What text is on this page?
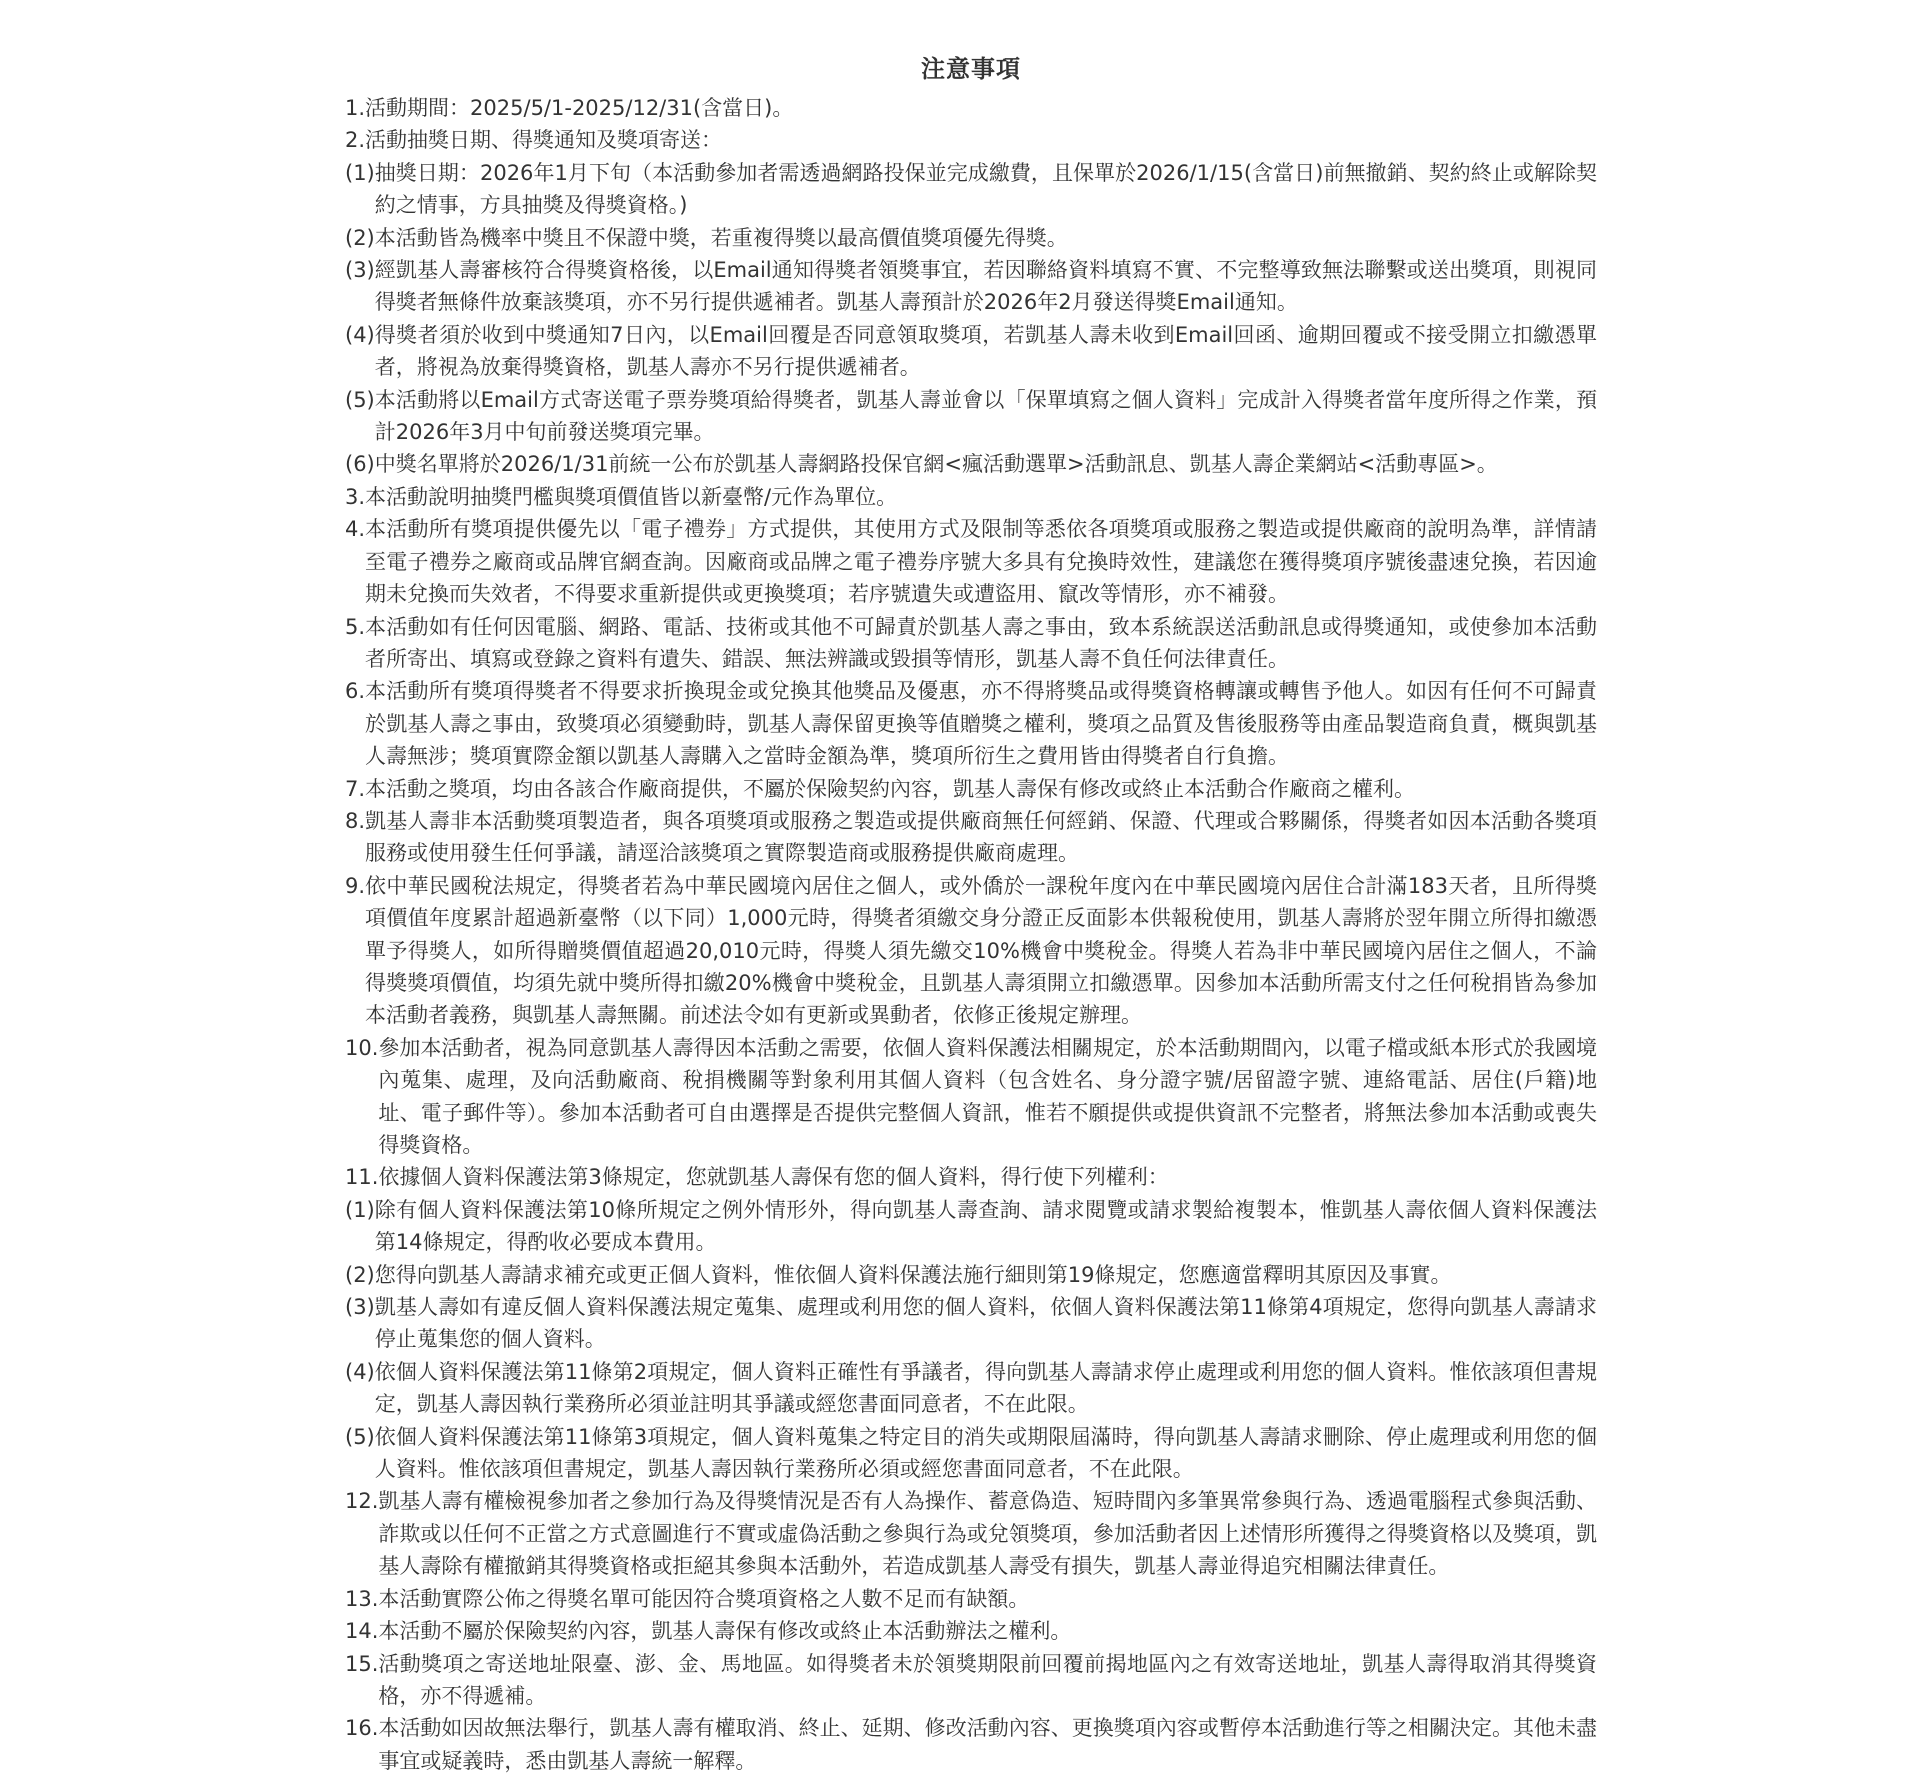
注意事項
1. 活動期間：2025/5/1-2025/12/31(含當日)。
2. 活動抽獎日期、得獎通知及獎項寄送：
(1) 抽獎日期：2026年1月下旬（本活動參加者需透過網路投保並完成繳費，且保單於2026/1/15(含當日)前無撤銷、契約終止或解除契約之情事，方具抽獎及得獎資格。)
(2) 本活動皆為機率中獎且不保證中獎，若重複得獎以最高價值獎項優先得獎。
(3) 經凱基人壽審核符合得獎資格後，以Email通知得獎者領獎事宜，若因聯絡資料填寫不實、不完整導致無法聯繫或送出獎項，則視同得獎者無條件放棄該獎項，亦不另行提供遞補者。凱基人壽預計於2026年2月發送得獎Email通知。
(4) 得獎者須於收到中獎通知7日內，以Email回覆是否同意領取獎項，若凱基人壽未收到Email回函、逾期回覆或不接受開立扣繳憑單者，將視為放棄得獎資格，凱基人壽亦不另行提供遞補者。
(5) 本活動將以Email方式寄送電子票券獎項給得獎者，凱基人壽並會以「保單填寫之個人資料」完成計入得獎者當年度所得之作業，預計2026年3月中旬前發送獎項完畢。
(6) 中獎名單將於2026/1/31前統一公布於凱基人壽網路投保官網<瘋活動選單>活動訊息、凱基人壽企業網站<活動專區>。
3. 本活動說明抽獎門檻與獎項價值皆以新臺幣/元作為單位。
4. 本活動所有獎項提供優先以「電子禮券」方式提供，其使用方式及限制等悉依各項獎項或服務之製造或提供廠商的說明為準，詳情請至電子禮券之廠商或品牌官網查詢。因廠商或品牌之電子禮券序號大多具有兌換時效性，建議您在獲得獎項序號後盡速兌換，若因逾期未兌換而失效者，不得要求重新提供或更換獎項；若序號遺失或遭盜用、竄改等情形，亦不補發。
5. 本活動如有任何因電腦、網路、電話、技術或其他不可歸責於凱基人壽之事由，致本系統誤送活動訊息或得獎通知，或使參加本活動者所寄出、填寫或登錄之資料有遺失、錯誤、無法辨識或毀損等情形，凱基人壽不負任何法律責任。
6. 本活動所有獎項得獎者不得要求折換現金或兌換其他獎品及優惠，亦不得將獎品或得獎資格轉讓或轉售予他人。如因有任何不可歸責於凱基人壽之事由，致獎項必須變動時，凱基人壽保留更換等值贈獎之權利，獎項之品質及售後服務等由產品製造商負責，概與凱基人壽無涉；獎項實際金額以凱基人壽購入之當時金額為準，獎項所衍生之費用皆由得獎者自行負擔。
7. 本活動之獎項，均由各該合作廠商提供，不屬於保險契約內容，凱基人壽保有修改或終止本活動合作廠商之權利。
8. 凱基人壽非本活動獎項製造者，與各項獎項或服務之製造或提供廠商無任何經銷、保證、代理或合夥關係，得獎者如因本活動各獎項服務或使用發生任何爭議，請逕洽該獎項之實際製造商或服務提供廠商處理。
9. 依中華民國稅法規定，得獎者若為中華民國境內居住之個人，或外僑於一課稅年度內在中華民國境內居住合計滿183天者，且所得獎項價值年度累計超過新臺幣（以下同）1,000元時，得獎者須繳交身分證正反面影本供報稅使用，凱基人壽將於翌年開立所得扣繳憑單予得獎人，如所得贈獎價值超過20,010元時，得獎人須先繳交10%機會中獎稅金。得獎人若為非中華民國境內居住之個人，不論得獎獎項價值，均須先就中獎所得扣繳20%機會中獎稅金，且凱基人壽須開立扣繳憑單。因參加本活動所需支付之任何稅捐皆為參加本活動者義務，與凱基人壽無關。前述法令如有更新或異動者，依修正後規定辦理。
10. 參加本活動者，視為同意凱基人壽得因本活動之需要，依個人資料保護法相關規定，於本活動期間內，以電子檔或紙本形式於我國境內蒐集、處理，及向活動廠商、稅捐機關等對象利用其個人資料（包含姓名、身分證字號/居留證字號、連絡電話、居住(戶籍)地址、電子郵件等）。參加本活動者可自由選擇是否提供完整個人資訊，惟若不願提供或提供資訊不完整者，將無法參加本活動或喪失得獎資格。
11. 依據個人資料保護法第3條規定，您就凱基人壽保有您的個人資料，得行使下列權利：
(1) 除有個人資料保護法第10條所規定之例外情形外，得向凱基人壽查詢、請求閱覽或請求製給複製本，惟凱基人壽依個人資料保護法第14條規定，得酌收必要成本費用。
(2) 您得向凱基人壽請求補充或更正個人資料，惟依個人資料保護法施行細則第19條規定，您應適當釋明其原因及事實。
(3) 凱基人壽如有違反個人資料保護法規定蒐集、處理或利用您的個人資料，依個人資料保護法第11條第4項規定，您得向凱基人壽請求停止蒐集您的個人資料。
(4) 依個人資料保護法第11條第2項規定，個人資料正確性有爭議者，得向凱基人壽請求停止處理或利用您的個人資料。惟依該項但書規定，凱基人壽因執行業務所必須並註明其爭議或經您書面同意者，不在此限。
(5) 依個人資料保護法第11條第3項規定，個人資料蒐集之特定目的消失或期限屆滿時，得向凱基人壽請求刪除、停止處理或利用您的個人資料。惟依該項但書規定，凱基人壽因執行業務所必須或經您書面同意者，不在此限。
12. 凱基人壽有權檢視參加者之參加行為及得獎情況是否有人為操作、蓄意偽造、短時間內多筆異常參與行為、透過電腦程式參與活動、詐欺或以任何不正當之方式意圖進行不實或虛偽活動之參與行為或兌領獎項，參加活動者因上述情形所獲得之得獎資格以及獎項，凱基人壽除有權撤銷其得獎資格或拒絕其參與本活動外，若造成凱基人壽受有損失，凱基人壽並得追究相關法律責任。
13. 本活動實際公佈之得獎名單可能因符合獎項資格之人數不足而有缺額。
14. 本活動不屬於保險契約內容，凱基人壽保有修改或終止本活動辦法之權利。
15. 活動獎項之寄送地址限臺、澎、金、馬地區。如得獎者未於領獎期限前回覆前揭地區內之有效寄送地址，凱基人壽得取消其得獎資格，亦不得遞補。
16. 本活動如因故無法舉行，凱基人壽有權取消、終止、延期、修改活動內容、更換獎項內容或暫停本活動進行等之相關決定。其他未盡事宜或疑義時，悉由凱基人壽統一解釋。
